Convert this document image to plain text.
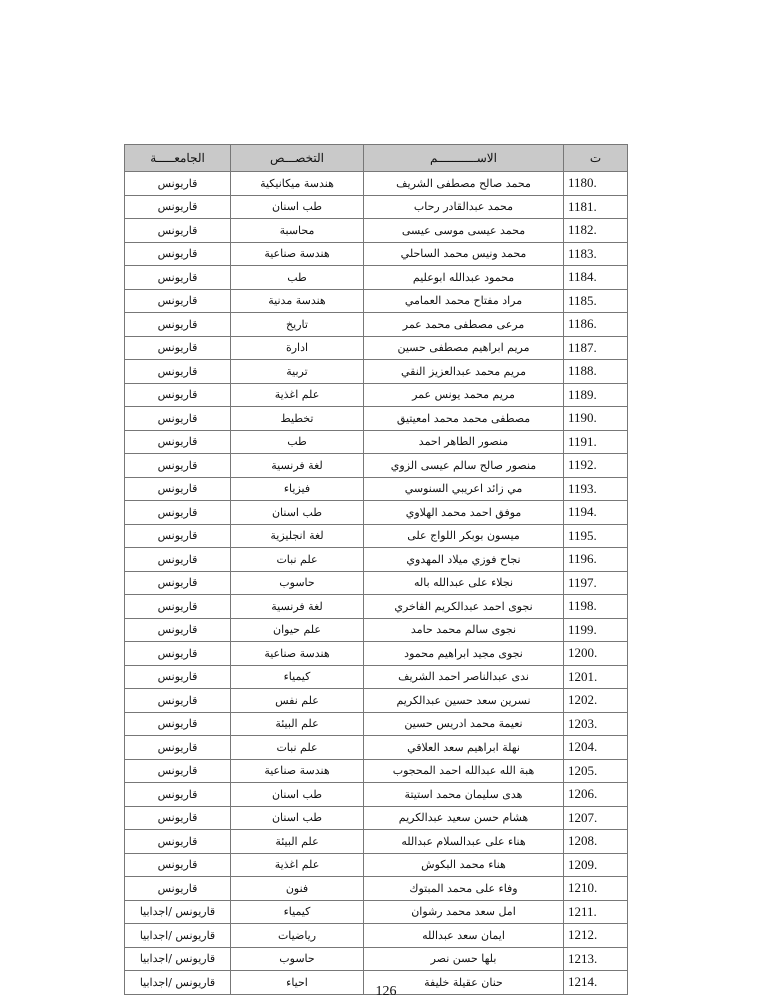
الجامعـــــة	التخصـــص	الاســـــــــــم	ت
قاريونس	هندسة ميكانيكية	محمد صالح مصطفى الشريف	1180.
قاريونس	طب اسنان	محمد عبدالقادر رحاب	1181.
قاريونس	محاسبة	محمد عيسى موسى عيسى	1182.
قاريونس	هندسة صناعية	محمد ونيس محمد الساحلي	1183.
قاريونس	طب	محمود عبدالله ابوعليم	1184.
قاريونس	هندسة مدنية	مراد مفتاح محمد العمامي	1185.
قاريونس	تاريخ	مرعى مصطفى محمد عمر	1186.
قاريونس	ادارة	مريم ابراهيم مصطفى حسين	1187.
قاريونس	تربية	مريم محمد عبدالعزيز النقي	1188.
قاريونس	علم اغذية	مريم محمد يونس عمر	1189.
قاريونس	تخطيط	مصطفى محمد محمد امعيتيق	1190.
قاريونس	طب	منصور الطاهر احمد	1191.
قاريونس	لغة فرنسية	منصور صالح سالم عيسى الزوي	1192.
قاريونس	فيزياء	مي زائد اعريبي السنوسي	1193.
قاريونس	طب اسنان	موفق احمد محمد الهلاوي	1194.
قاريونس	لغة انجليزية	ميسون بوبكر اللواج على	1195.
قاريونس	علم نبات	نجاح فوزي ميلاد المهدوي	1196.
قاريونس	حاسوب	نجلاء على عبدالله باله	1197.
قاريونس	لغة فرنسية	نجوى احمد عبدالكريم الفاخري	1198.
قاريونس	علم حيوان	نجوى سالم محمد حامد	1199.
قاريونس	هندسة صناعية	نجوى مجيد ابراهيم محمود	1200.
قاريونس	كيمياء	ندى عبدالناصر احمد الشريف	1201.
قاريونس	علم نفس	نسرين سعد حسين عبدالكريم	1202.
قاريونس	علم البيئة	نعيمة محمد ادريس حسين	1203.
قاريونس	علم نبات	نهلة ابراهيم سعد العلاقي	1204.
قاريونس	هندسة صناعية	هبة الله عبدالله احمد المحجوب	1205.
قاريونس	طب اسنان	هدى سليمان محمد استيتة	1206.
قاريونس	طب اسنان	هشام حسن سعيد عبدالكريم	1207.
قاريونس	علم البيئة	هناء على عبدالسلام عبدالله	1208.
قاريونس	علم اغذية	هناء محمد البكوش	1209.
قاريونس	فنون	وفاء على محمد المبتوك	1210.
قاريونس /اجدابيا	كيمياء	امل سعد محمد رشوان	1211.
قاريونس /اجدابيا	رياضيات	ايمان سعد عبدالله	1212.
قاريونس /اجدابيا	حاسوب	بلها حسن نصر	1213.
قاريونس /اجدابيا	احياء	حنان عقيلة خليفة	1214.
126
